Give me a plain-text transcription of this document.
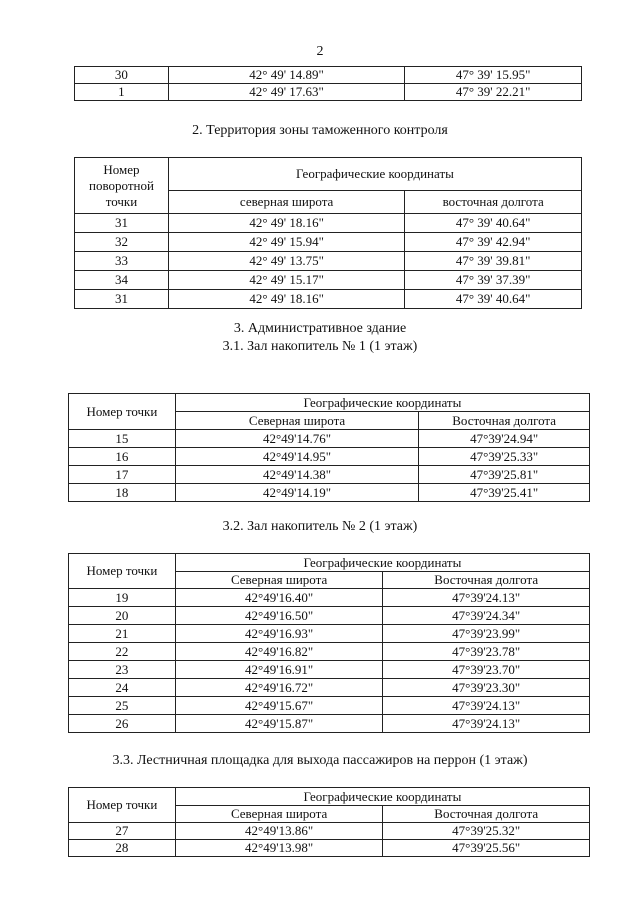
2
30	42° 49' 14.89"	47° 39' 15.95"
1	42° 49' 17.63"	47° 39' 22.21"
2. Территория зоны таможенного контроля
Номер поворотной точки	Географические координаты	
	северная широта	восточная долгота
31	42° 49' 18.16"	47° 39' 40.64"
32	42° 49' 15.94"	47° 39' 42.94"
33	42° 49' 13.75"	47° 39' 39.81"
34	42° 49' 15.17"	47° 39' 37.39"
31	42° 49' 18.16"	47° 39' 40.64"
3. Административное здание
3.1. Зал накопитель № 1 (1 этаж)
Номер точки	Географические координаты	
	Северная широта	Восточная долгота
15	42°49'14.76"	47°39'24.94"
16	42°49'14.95"	47°39'25.33"
17	42°49'14.38"	47°39'25.81"
18	42°49'14.19"	47°39'25.41"
3.2. Зал накопитель № 2 (1 этаж)
Номер точки	Географические координаты	
	Северная широта	Восточная долгота
19	42°49'16.40"	47°39'24.13"
20	42°49'16.50"	47°39'24.34"
21	42°49'16.93"	47°39'23.99"
22	42°49'16.82"	47°39'23.78"
23	42°49'16.91"	47°39'23.70"
24	42°49'16.72"	47°39'23.30"
25	42°49'15.67"	47°39'24.13"
26	42°49'15.87"	47°39'24.13"
3.3. Лестничная площадка для выхода пассажиров на перрон (1 этаж)
Номер точки	Географические координаты	
	Северная широта	Восточная долгота
27	42°49'13.86"	47°39'25.32"
28	42°49'13.98"	47°39'25.56"
